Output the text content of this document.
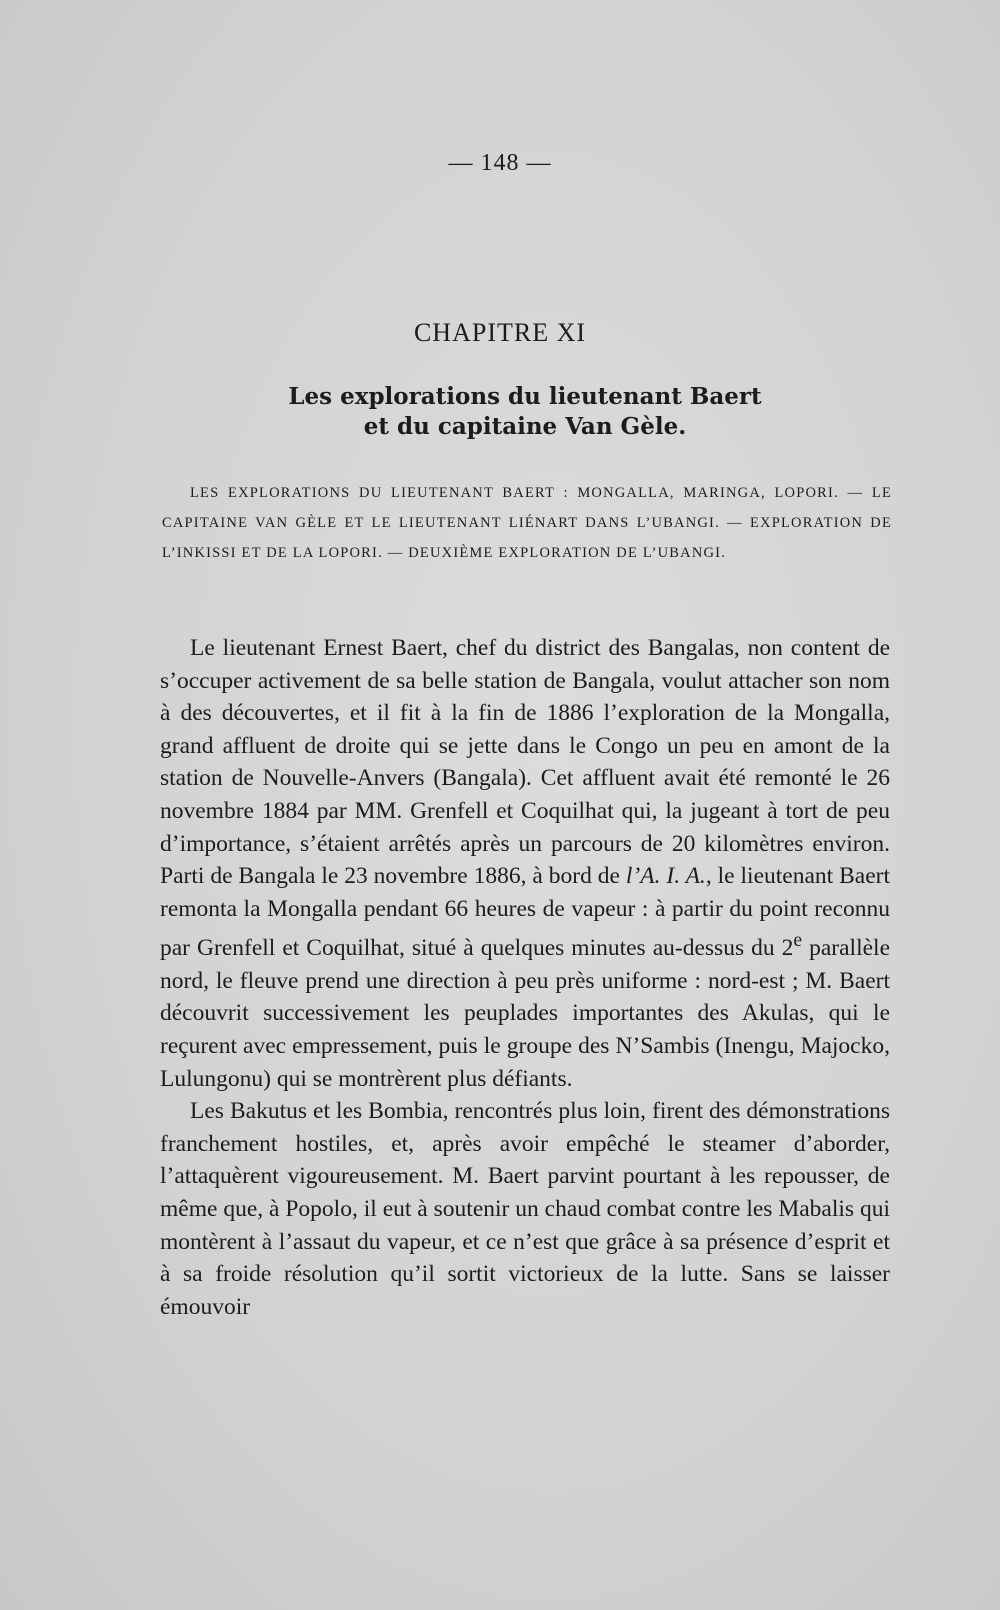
— 148 —
CHAPITRE XI
Les explorations du lieutenant Baert
et du capitaine Van Gèle.
LES EXPLORATIONS DU LIEUTENANT BAERT : MONGALLA, MARINGA, LOPORI. — LE CAPITAINE VAN GÈLE ET LE LIEUTENANT LIÉNART DANS L’UBANGI. — EXPLORATION DE L’INKISSI ET DE LA LOPORI. — DEUXIÈME EXPLORATION DE L’UBANGI.

Le lieutenant Ernest Baert, chef du district des Bangalas, non content de s’occuper activement de sa belle station de Bangala, voulut attacher son nom à des découvertes, et il fit à la fin de 1886 l’exploration de la Mongalla, grand affluent de droite qui se jette dans le Congo un peu en amont de la station de Nouvelle-Anvers (Bangala). Cet affluent avait été remonté le 26 novembre 1884 par MM. Grenfell et Coquilhat qui, la jugeant à tort de peu d’importance, s’étaient arrêtés après un parcours de 20 kilomètres environ. Parti de Bangala le 23 novembre 1886, à bord de l’A. I. A., le lieutenant Baert remonta la Mongalla pendant 66 heures de vapeur : à partir du point reconnu par Grenfell et Coquilhat, situé à quelques minutes au-dessus du 2e parallèle nord, le fleuve prend une direction à peu près uniforme : nord-est ; M. Baert découvrit successivement les peuplades importantes des Akulas, qui le reçurent avec empressement, puis le groupe des N’Sambis (Inengu, Majocko, Lulungonu) qui se montrèrent plus défiants.

Les Bakutus et les Bombia, rencontrés plus loin, firent des démonstrations franchement hostiles, et, après avoir empêché le steamer d’aborder, l’attaquèrent vigoureusement. M. Baert parvint pourtant à les repousser, de même que, à Popolo, il eut à soutenir un chaud combat contre les Mabalis qui montèrent à l’assaut du vapeur, et ce n’est que grâce à sa présence d’esprit et à sa froide résolution qu’il sortit victorieux de la lutte. Sans se laisser émouvoir
